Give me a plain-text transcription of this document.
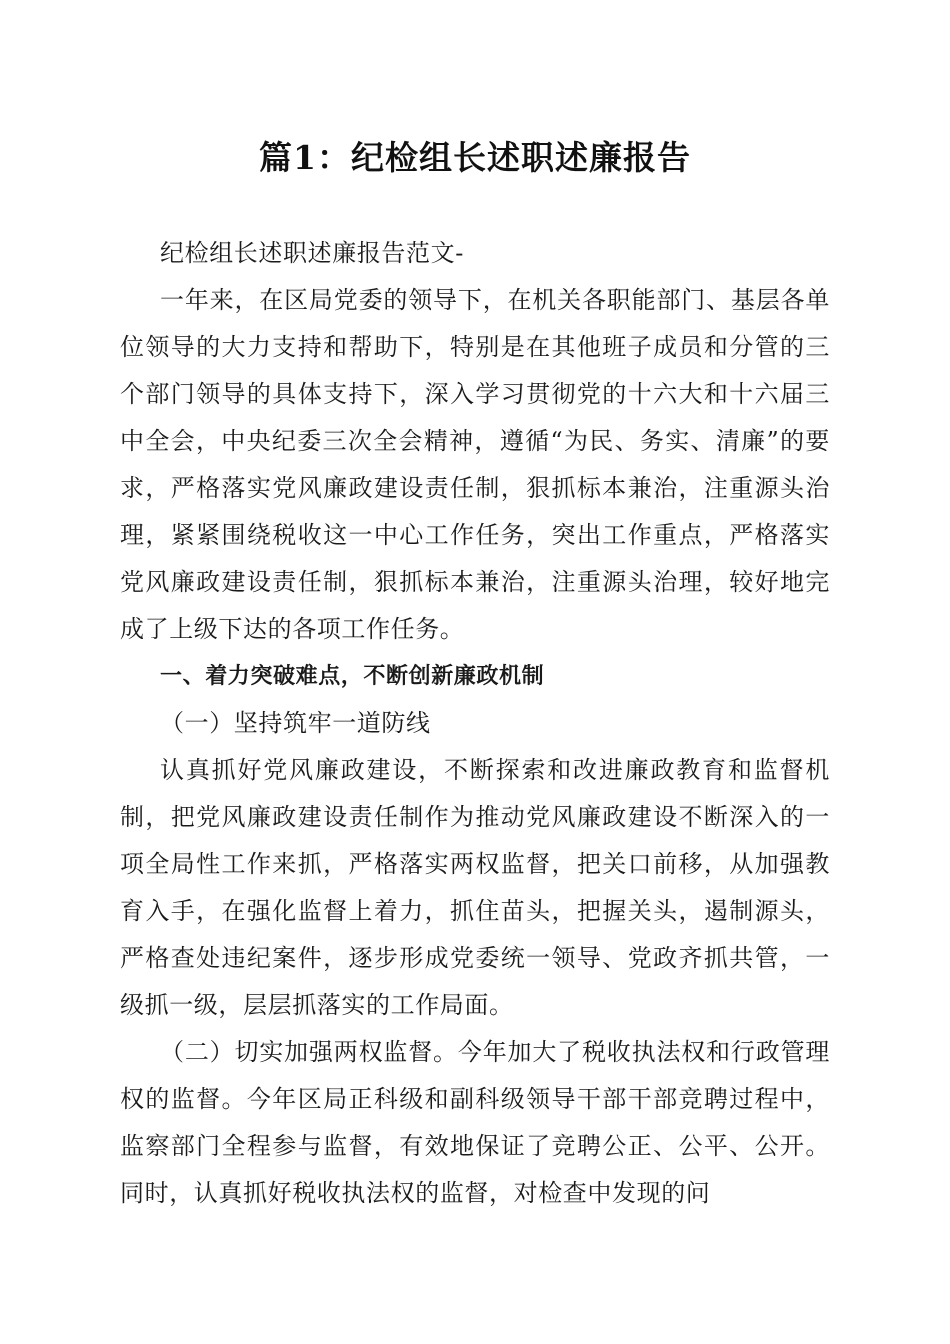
篇1：纪检组长述职述廉报告

纪检组长述职述廉报告范文-

一年来，在区局党委的领导下，在机关各职能部门、基层各单位领导的大力支持和帮助下，特别是在其他班子成员和分管的三个部门领导的具体支持下，深入学习贯彻党的十六大和十六届三中全会，中央纪委三次全会精神，遵循“为民、务实、清廉”的要求，严格落实党风廉政建设责任制，狠抓标本兼治，注重源头治理，紧紧围绕税收这一中心工作任务，突出工作重点，严格落实党风廉政建设责任制，狠抓标本兼治，注重源头治理，较好地完成了上级下达的各项工作任务。

一、着力突破难点，不断创新廉政机制

（一）坚持筑牢一道防线

认真抓好党风廉政建设，不断探索和改进廉政教育和监督机制，把党风廉政建设责任制作为推动党风廉政建设不断深入的一项全局性工作来抓，严格落实两权监督，把关口前移，从加强教育入手，在强化监督上着力，抓住苗头，把握关头，遏制源头，严格查处违纪案件，逐步形成党委统一领导、党政齐抓共管，一级抓一级，层层抓落实的工作局面。

（二）切实加强两权监督。今年加大了税收执法权和行政管理权的监督。今年区局正科级和副科级领导干部干部竞聘过程中，监察部门全程参与监督，有效地保证了竞聘公正、公平、公开。同时，认真抓好税收执法权的监督，对检查中发现的问
